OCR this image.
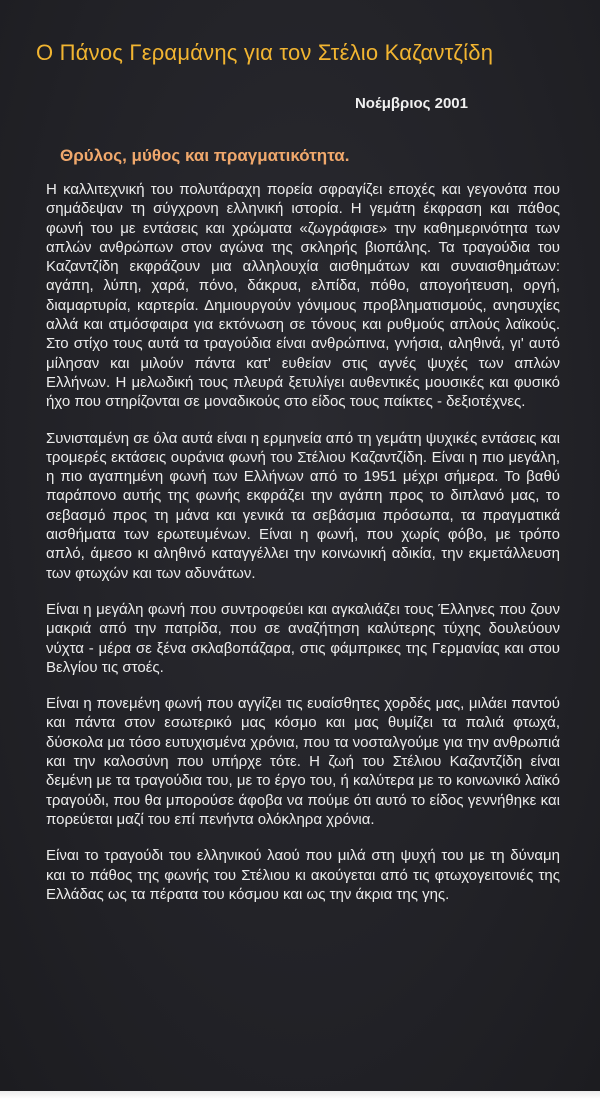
Ο Πάνος Γεραμάνης για τον Στέλιο Καζαντζίδη
Νοέμβριος 2001
Θρύλος, μύθος και πραγματικότητα.

Η καλλιτεχνική του πολυτάραχη πορεία σφραγίζει εποχές και γεγονότα που σημάδεψαν τη σύγχρονη ελληνική ιστορία. Η γεμάτη έκφραση και πάθος φωνή του με εντάσεις και χρώματα «ζωγράφισε» την καθημερινότητα των απλών ανθρώπων στον αγώνα της σκληρής βιοπάλης. Τα τραγούδια του Καζαντζίδη εκφράζουν μια αλληλουχία αισθημάτων και συναισθημάτων: αγάπη, λύπη, χαρά, πόνο, δάκρυα, ελπίδα, πόθο, απογοήτευση, οργή, διαμαρτυρία, καρτερία. Δημιουργούν γόνιμους προβληματισμούς, ανησυχίες αλλά και ατμόσφαιρα για εκτόνωση σε τόνους και ρυθμούς απλούς λαϊκούς. Στο στίχο τους αυτά τα τραγούδια είναι ανθρώπινα, γνήσια, αληθινά, γι' αυτό μίλησαν και μιλούν πάντα κατ' ευθείαν στις αγνές ψυχές των απλών Ελλήνων. Η μελωδική τους πλευρά ξετυλίγει αυθεντικές μουσικές και φυσικό ήχο που στηρίζονται σε μοναδικούς στο είδος τους παίκτες - δεξιοτέχνες.

Συνισταμένη σε όλα αυτά είναι η ερμηνεία από τη γεμάτη ψυχικές εντάσεις και τρομερές εκτάσεις ουράνια φωνή του Στέλιου Καζαντζίδη. Είναι η πιο μεγάλη, η πιο αγαπημένη φωνή των Ελλήνων από το 1951 μέχρι σήμερα. Το βαθύ παράπονο αυτής της φωνής εκφράζει την αγάπη προς το διπλανό μας, το σεβασμό προς τη μάνα και γενικά τα σεβάσμια πρόσωπα, τα πραγματικά αισθήματα των ερωτευμένων. Είναι η φωνή, που χωρίς φόβο, με τρόπο απλό, άμεσο κι αληθινό καταγγέλλει την κοινωνική αδικία, την εκμετάλλευση των φτωχών και των αδυνάτων.

Είναι η μεγάλη φωνή που συντροφεύει και αγκαλιάζει τους Έλληνες που ζουν μακριά από την πατρίδα, που σε αναζήτηση καλύτερης τύχης δουλεύουν νύχτα - μέρα σε ξένα σκλαβοπάζαρα, στις φάμπρικες της Γερμανίας και στου Βελγίου τις στοές.

Είναι η πονεμένη φωνή που αγγίζει τις ευαίσθητες χορδές μας, μιλάει παντού και πάντα στον εσωτερικό μας κόσμο και μας θυμίζει τα παλιά φτωχά, δύσκολα μα τόσο ευτυχισμένα χρόνια, που τα νοσταλγούμε για την ανθρωπιά και την καλοσύνη που υπήρχε τότε. Η ζωή του Στέλιου Καζαντζίδη είναι δεμένη με τα τραγούδια του, με το έργο του, ή καλύτερα με το κοινωνικό λαϊκό τραγούδι, που θα μπορούσε άφοβα να πούμε ότι αυτό το είδος γεννήθηκε και πορεύεται μαζί του επί πενήντα ολόκληρα χρόνια.

Είναι το τραγούδι του ελληνικού λαού που μιλά στη ψυχή του με τη δύναμη και το πάθος της φωνής του Στέλιου κι ακούγεται από τις φτωχογειτονιές της Ελλάδας ως τα πέρατα του κόσμου και ως την άκρια της γης.
